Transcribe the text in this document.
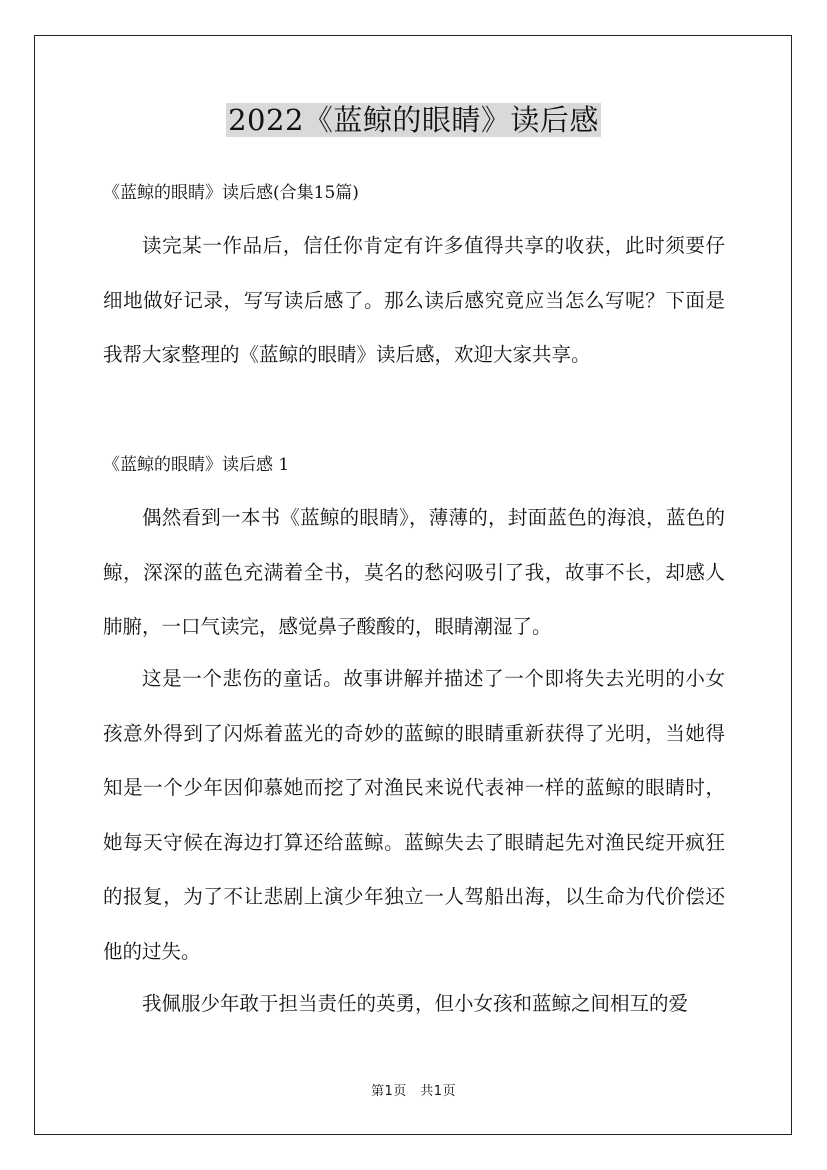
2022《蓝鲸的眼睛》读后感
《蓝鲸的眼睛》读后感(合集15篇)

读完某一作品后，信任你肯定有许多值得共享的收获，此时须要仔细地做好记录，写写读后感了。那么读后感究竟应当怎么写呢？下面是我帮大家整理的《蓝鲸的眼睛》读后感，欢迎大家共享。

《蓝鲸的眼睛》读后感 1

偶然看到一本书《蓝鲸的眼睛》，薄薄的，封面蓝色的海浪，蓝色的鲸，深深的蓝色充满着全书，莫名的愁闷吸引了我，故事不长，却感人肺腑，一口气读完，感觉鼻子酸酸的，眼睛潮湿了。

这是一个悲伤的童话。故事讲解并描述了一个即将失去光明的小女孩意外得到了闪烁着蓝光的奇妙的蓝鲸的眼睛重新获得了光明，当她得知是一个少年因仰慕她而挖了对渔民来说代表神一样的蓝鲸的眼睛时，她每天守候在海边打算还给蓝鲸。蓝鲸失去了眼睛起先对渔民绽开疯狂的报复，为了不让悲剧上演少年独立一人驾船出海，以生命为代价偿还他的过失。

我佩服少年敢于担当责任的英勇，但小女孩和蓝鲸之间相互的爱

第1页　共1页
